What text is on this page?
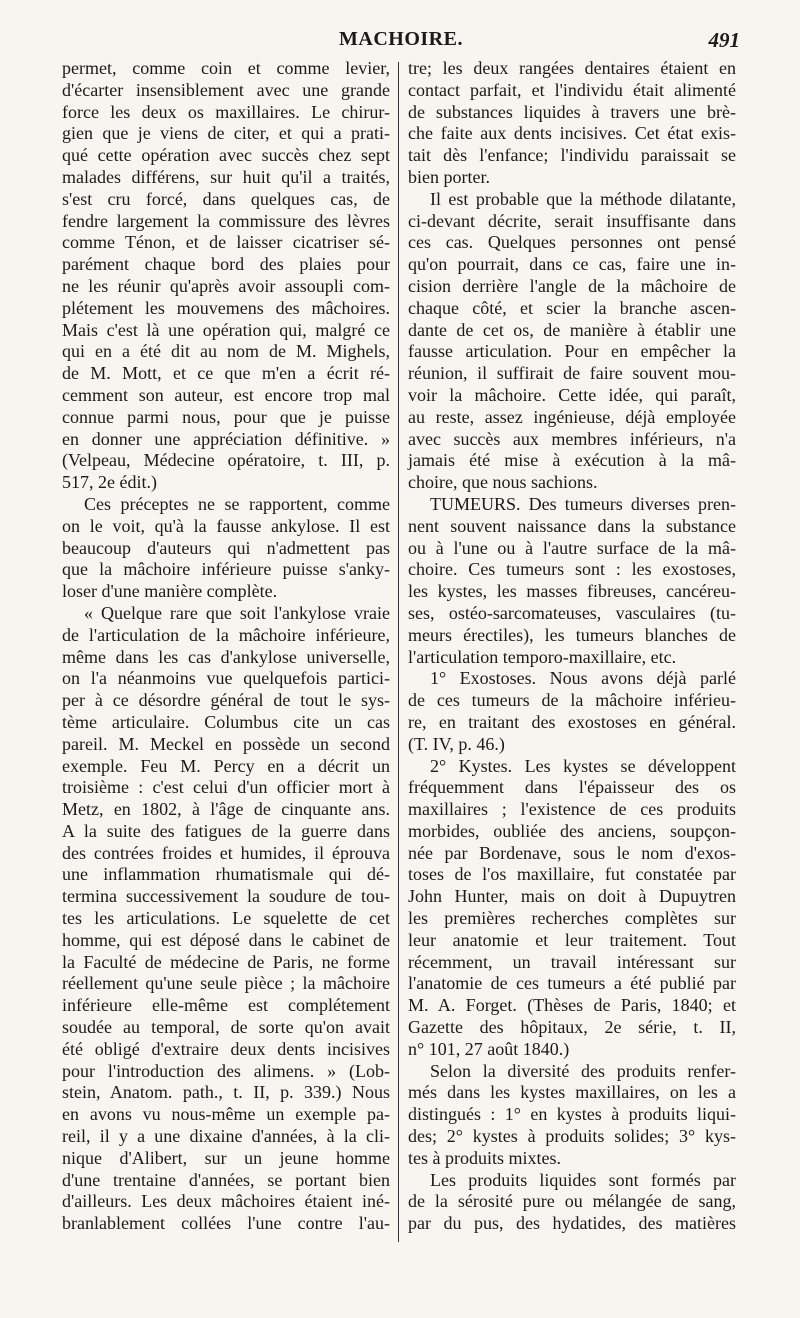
MACHOIRE.	491
permet, comme coin et comme levier,
d'écarter insensiblement avec une grande
force les deux os maxillaires. Le chirur-
gien que je viens de citer, et qui a prati-
qué cette opération avec succès chez sept
malades différens, sur huit qu'il a traités,
s'est cru forcé, dans quelques cas, de
fendre largement la commissure des lèvres
comme Ténon, et de laisser cicatriser sé-
parément chaque bord des plaies pour
ne les réunir qu'après avoir assoupli com-
plétement les mouvemens des mâchoires.
Mais c'est là une opération qui, malgré ce
qui en a été dit au nom de M. Mighels,
de M. Mott, et ce que m'en a écrit ré-
cemment son auteur, est encore trop mal
connue parmi nous, pour que je puisse
en donner une appréciation définitive. »
(Velpeau, Médecine opératoire, t. III, p.
517, 2e édit.)
Ces préceptes ne se rapportent, comme
on le voit, qu'à la fausse ankylose. Il est
beaucoup d'auteurs qui n'admettent pas
que la mâchoire inférieure puisse s'anky-
loser d'une manière complète.
« Quelque rare que soit l'ankylose vraie
de l'articulation de la mâchoire inférieure,
même dans les cas d'ankylose universelle,
on l'a néanmoins vue quelquefois partici-
per à ce désordre général de tout le sys-
tème articulaire. Columbus cite un cas
pareil. M. Meckel en possède un second
exemple. Feu M. Percy en a décrit un
troisième : c'est celui d'un officier mort à
Metz, en 1802, à l'âge de cinquante ans.
A la suite des fatigues de la guerre dans
des contrées froides et humides, il éprouva
une inflammation rhumatismale qui dé-
termina successivement la soudure de tou-
tes les articulations. Le squelette de cet
homme, qui est déposé dans le cabinet de
la Faculté de médecine de Paris, ne forme
réellement qu'une seule pièce ; la mâchoire
inférieure elle-même est complétement
soudée au temporal, de sorte qu'on avait
été obligé d'extraire deux dents incisives
pour l'introduction des alimens. » (Lob-
stein, Anatom. path., t. II, p. 339.) Nous
en avons vu nous-même un exemple pa-
reil, il y a une dixaine d'années, à la cli-
nique d'Alibert, sur un jeune homme
d'une trentaine d'années, se portant bien
d'ailleurs. Les deux mâchoires étaient iné-
branlablement collées l'une contre l'au-
tre; les deux rangées dentaires étaient en
contact parfait, et l'individu était alimenté
de substances liquides à travers une brè-
che faite aux dents incisives. Cet état exis-
tait dès l'enfance; l'individu paraissait se
bien porter.
Il est probable que la méthode dilatante,
ci-devant décrite, serait insuffisante dans
ces cas. Quelques personnes ont pensé
qu'on pourrait, dans ce cas, faire une in-
cision derrière l'angle de la mâchoire de
chaque côté, et scier la branche ascen-
dante de cet os, de manière à établir une
fausse articulation. Pour en empêcher la
réunion, il suffirait de faire souvent mou-
voir la mâchoire. Cette idée, qui paraît,
au reste, assez ingénieuse, déjà employée
avec succès aux membres inférieurs, n'a
jamais été mise à exécution à la mâ-
choire, que nous sachions.
TUMEURS. Des tumeurs diverses pren-
nent souvent naissance dans la substance
ou à l'une ou à l'autre surface de la mâ-
choire. Ces tumeurs sont : les exostoses,
les kystes, les masses fibreuses, cancéreu-
ses, ostéo-sarcomateuses, vasculaires (tu-
meurs érectiles), les tumeurs blanches de
l'articulation temporo-maxillaire, etc.
1° Exostoses. Nous avons déjà parlé
de ces tumeurs de la mâchoire inférieu-
re, en traitant des exostoses en général.
(T. IV, p. 46.)
2° Kystes. Les kystes se développent
fréquemment dans l'épaisseur des os
maxillaires ; l'existence de ces produits
morbides, oubliée des anciens, soupçon-
née par Bordenave, sous le nom d'exos-
toses de l'os maxillaire, fut constatée par
John Hunter, mais on doit à Dupuytren
les premières recherches complètes sur
leur anatomie et leur traitement. Tout
récemment, un travail intéressant sur
l'anatomie de ces tumeurs a été publié par
M. A. Forget. (Thèses de Paris, 1840; et
Gazette des hôpitaux, 2e série, t. II,
n° 101, 27 août 1840.)
Selon la diversité des produits renfer-
més dans les kystes maxillaires, on les a
distingués : 1° en kystes à produits liqui-
des; 2° kystes à produits solides; 3° kys-
tes à produits mixtes.
Les produits liquides sont formés par
de la sérosité pure ou mélangée de sang,
par du pus, des hydatides, des matières
